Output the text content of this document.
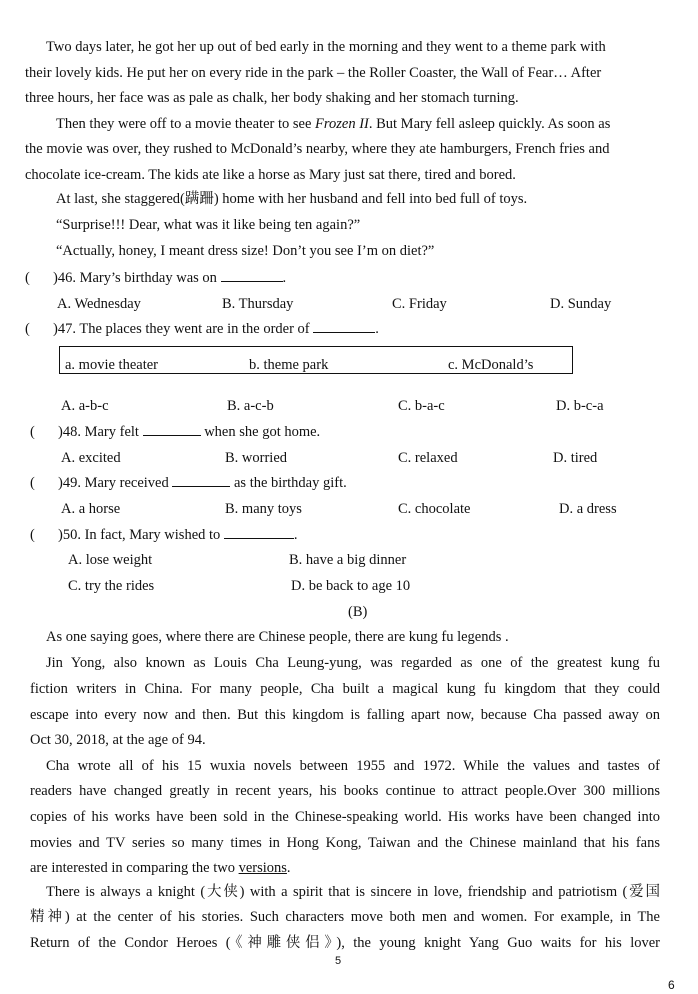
Two days later, he got her up out of bed early in the morning and they went to a theme park with
their lovely kids. He put her on every ride in the park – the Roller Coaster, the Wall of Fear… After
three hours, her face was as pale as chalk, her body shaking and her stomach turning.
Then they were off to a movie theater to see Frozen II. But Mary fell asleep quickly. As soon as
the movie was over, they rushed to McDonald’s nearby, where they ate hamburgers, French fries and
chocolate ice-cream. The kids ate like a horse as Mary just sat there, tired and bored.
At last, she staggered(蹒跚) home with her husband and fell into bed full of toys.
“Surprise!!! Dear, what was it like being ten again?”
“Actually, honey, I meant dress size! Don’t you see I’m on diet?”
( )46. Mary’s birthday was on	.
A. Wednesday	B. Thursday	C. Friday	D. Sunday
( )47. The places they went are in the order of	.
a. movie theater	b. theme park	c. McDonald’s
A. a-b-c	B. a-c-b	C. b-a-c	D. b-c-a
( )48. Mary felt	when she got home.
A. excited	B. worried	C. relaxed	D. tired
( )49. Mary received	as the birthday gift.
A. a horse	B. many toys	C. chocolate	D. a dress
( )50. In fact, Mary wished to	.
A. lose weight	B. have a big dinner
C. try the rides	D. be back to age 10
(B)
As one saying goes, where there are Chinese people, there are kung fu legends .
Jin Yong, also known as Louis Cha Leung-yung, was regarded as one of the greatest kung fu
fiction writers in China. For many people, Cha built a magical kung fu kingdom that they could
escape into every now and then. But this kingdom is falling apart now, because Cha passed away on
Oct 30, 2018, at the age of 94.
Cha wrote all of his 15 wuxia novels between 1955 and 1972. While the values and tastes of
readers have changed greatly in recent years, his books continue to attract people.Over 300 millions
copies of his works have been sold in the Chinese-speaking world. His works have been changed into
movies and TV series so many times in Hong Kong, Taiwan and the Chinese mainland that his fans
are interested in comparing the two versions.
There is always a knight (大侠) with a spirit that is sincere in love, friendship and patriotism (爱国
精神) at the center of his stories. Such characters move both men and women. For example, in The
Return of the Condor Heroes (《神雕侠侣》), the young knight Yang Guo waits for his lover
5
6
